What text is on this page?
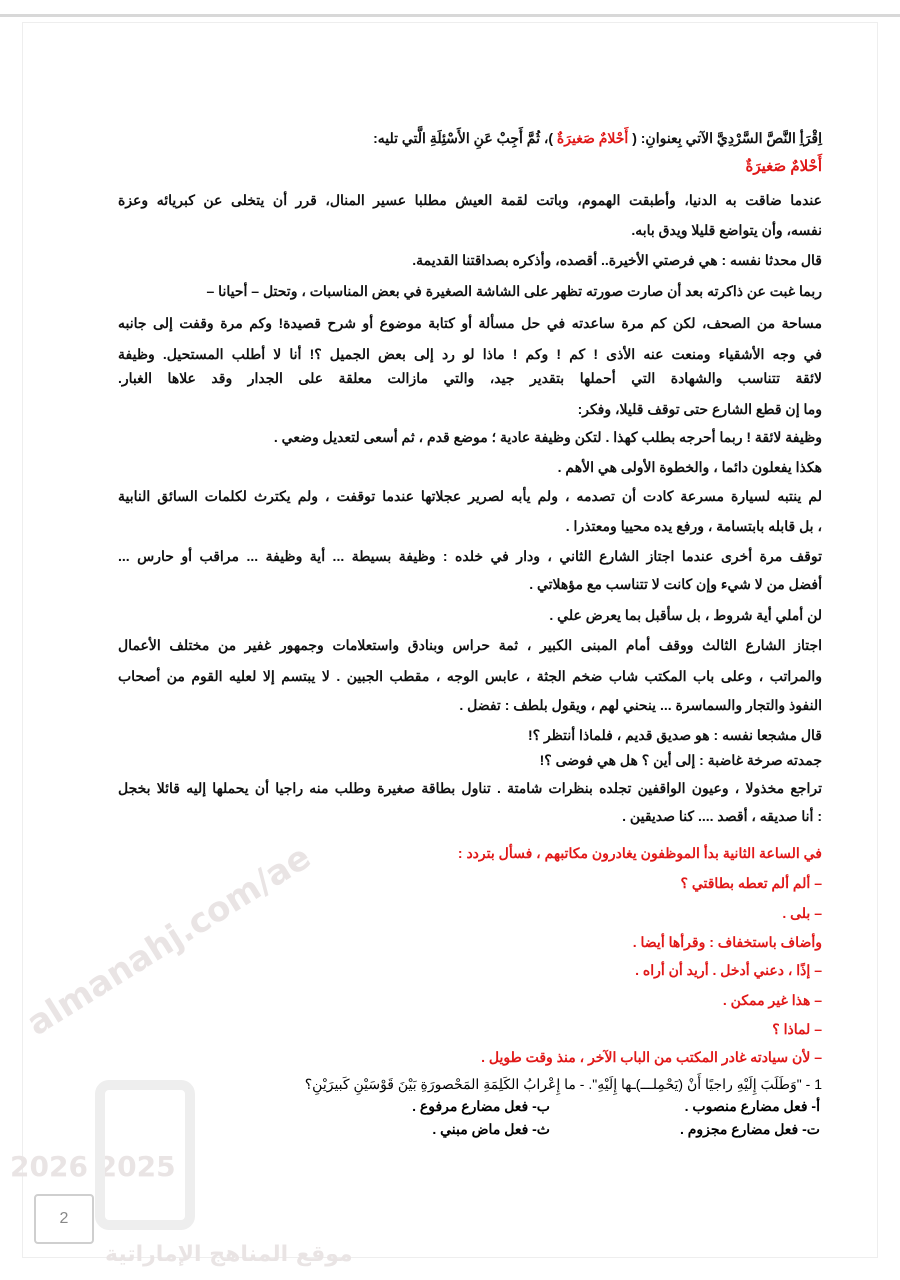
almanahj.com/ae
2026 2025
موقع المناهج الإماراتية
اِقْرَأِ النَّصَّ السَّرْدِيَّ الآتي بِعنوانِ: ( أَحْلامٌ صَغيرَةٌ )، ثُمَّ أَجِبْ عَنِ الأَسْئِلَةِ الَّتي تليه:
أَحْلامٌ صَغيرَةٌ
عندما ضاقت به الدنيا، وأطبقت الهموم، وباتت لقمة العيش مطلبا عسير المنال، قرر أن يتخلى عن كبريائه وعزة
نفسه، وأن يتواضع قليلا ويدق بابه.
قال محدثا نفسه : هي فرصتي الأخيرة.. أقصده، وأذكره بصداقتنا القديمة.
ربما غبت عن ذاكرته بعد أن صارت صورته تظهر على الشاشة الصغيرة في بعض المناسبات ، وتحتل – أحيانا –
مساحة من الصحف، لكن كم مرة ساعدته في حل مسألة أو كتابة موضوع أو شرح قصيدة! وكم مرة وقفت إلى جانبه
في وجه الأشقياء ومنعت عنه الأذى ! كم ! وكم ! ماذا لو رد إلى بعض الجميل ؟! أنا لا أطلب المستحيل. وظيفة
لائقة تتناسب والشهادة التي أحملها بتقدير جيد، والتي مازالت معلقة على الجدار وقد علاها الغبار.
وما إن قطع الشارع حتى توقف قليلا، وفكر:
وظيفة لائقة ! ربما أحرجه بطلب كهذا . لتكن وظيفة عادية ؛ موضع قدم ، ثم أسعى لتعديل وضعي .
هكذا يفعلون دائما ، والخطوة الأولى هي الأهم .
لم ينتبه لسيارة مسرعة كادت أن تصدمه ، ولم يأبه لصرير عجلاتها عندما توقفت ، ولم يكترث لكلمات السائق النابية
، بل قابله بابتسامة ، ورفع يده محييا ومعتذرا .
توقف مرة أخرى عندما اجتاز الشارع الثاني ، ودار في خلده : وظيفة بسيطة ... أية وظيفة ... مراقب أو حارس ...
أفضل من لا شيء وإن كانت لا تتناسب مع مؤهلاتي .
لن أملي أية شروط ، بل سأقبل بما يعرض علي .
اجتاز الشارع الثالث ووقف أمام المبنى الكبير ، ثمة حراس وبنادق واستعلامات وجمهور غفير من مختلف الأعمال
والمراتب ، وعلى باب المكتب شاب ضخم الجثة ، عابس الوجه ، مقطب الجبين . لا يبتسم إلا لعليه القوم من أصحاب
النفوذ والتجار والسماسرة ... ينحني لهم ، ويقول بلطف : تفضل .
قال مشجعا نفسه : هو صديق قديم ، فلماذا أنتظر ؟!
جمدته صرخة غاضبة : إلى أين ؟ هل هي فوضى ؟!
تراجع مخذولا ، وعيون الواقفين تجلده بنظرات شامتة . تناول بطاقة صغيرة وطلب منه راجيا أن يحملها إليه قائلا بخجل
: أنا صديقه ، أقصد .... كنا صديقين .
في الساعة الثانية بدأ الموظفون يغادرون مكاتبهم ، فسأل بتردد :
– ألم ألم تعطه بطاقتي ؟
– بلى .
وأضاف باستخفاف : وقرأها أيضا .
– إذًا ، دعني أدخل . أريد أن أراه .
– هذا غير ممكن .
– لماذا ؟
– لأن سيادته غادر المكتب من الباب الآخر ، منذ وقت طويل .
1 - "وَطَلَبَ إِلَيْهِ راجيًا أَنْ (يَحْمِلـــ)ـها إِلَيْهِ". - ما إِعْرابُ الكَلِمَةِ المَحْصورَةِ بَيْنَ قَوْسَيْنِ كَبيرَيْنِ؟
أ- فعل مضارع منصوب .
ب- فعل مضارع مرفوع .
ت- فعل مضارع مجزوم .
ث- فعل ماض مبني .
2
